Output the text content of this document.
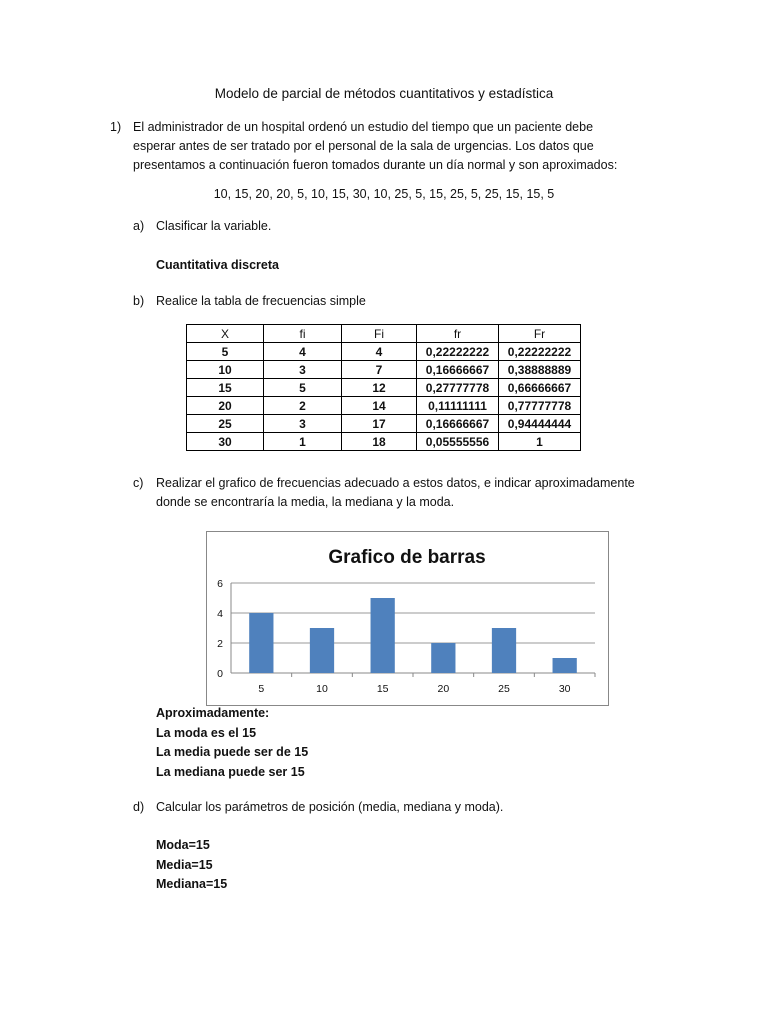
Modelo de parcial de métodos cuantitativos y estadística
1) El administrador de un hospital ordenó un estudio del tiempo que un paciente debe
esperar antes de ser tratado por el personal de la sala de urgencias. Los datos que
presentamos a continuación fueron tomados durante un día normal y son aproximados:
10, 15, 20, 20, 5, 10, 15, 30, 10, 25, 5, 15, 25, 5, 25, 15, 15, 5
a) Clasificar la variable.
Cuantitativa discreta
b) Realice la tabla de frecuencias simple
X	fi	Fi	fr	Fr
5	4	4	0,22222222	0,22222222
10	3	7	0,16666667	0,38888889
15	5	12	0,27777778	0,66666667
20	2	14	0,11111111	0,77777778
25	3	17	0,16666667	0,94444444
30	1	18	0,05555556	1
c) Realizar el grafico de frecuencias adecuado a estos datos, e indicar aproximadamente
donde se encontraría la media, la mediana y la moda.
Grafico de barras
0
2
4
6
5	10	15	20	25	30
Aproximadamente:
La moda es el 15
La media puede ser de 15
La mediana puede ser 15
d) Calcular los parámetros de posición (media, mediana y moda).
Moda=15
Media=15
Mediana=15
